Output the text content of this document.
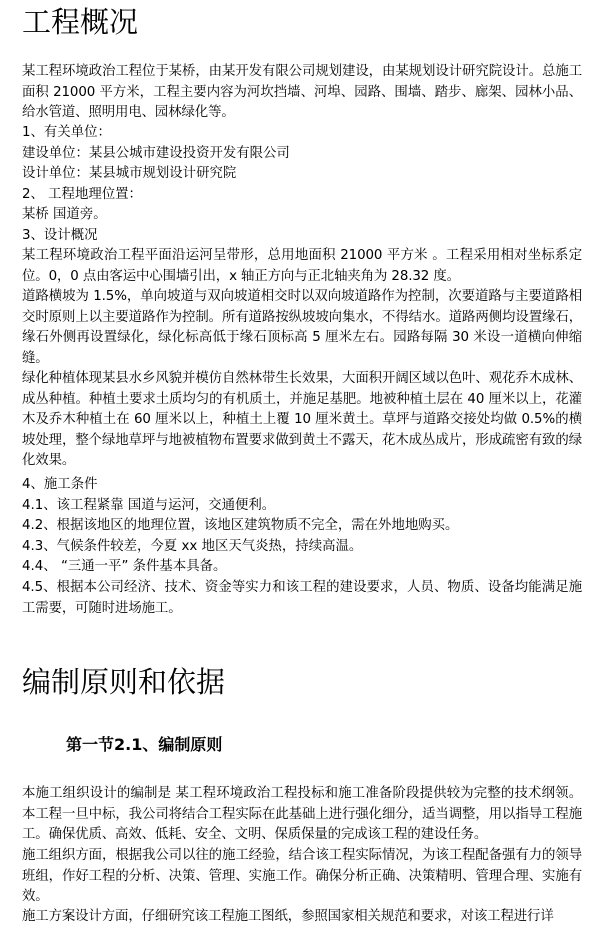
工程概况

某工程环境政治工程位于某桥，由某开发有限公司规划建设，由某规划设计研究院设计。总施工面积 21000 平方米，工程主要内容为河坎挡墙、河埠、园路、围墙、踏步、廊架、园林小品、给水管道、照明用电、园林绿化等。

1、有关单位：

建设单位：某县公城市建设投资开发有限公司

设计单位：某县城市规划设计研究院

2、 工程地理位置：

某桥 国道旁。

3、设计概况

某工程环境政治工程平面沿运河呈带形，总用地面积 21000 平方米 。工程采用相对坐标系定位。0，0 点由客运中心围墙引出，x 轴正方向与正北轴夹角为 28.32 度。

道路横坡为 1.5%，单向坡道与双向坡道相交时以双向坡道路作为控制，次要道路与主要道路相交时原则上以主要道路作为控制。所有道路按纵坡坡向集水，不得结水。道路两侧均设置缘石，缘石外侧再设置绿化，绿化标高低于缘石顶标高 5 厘米左右。园路每隔 30 米设一道横向伸缩缝。

绿化种植体现某县水乡风貌并模仿自然林带生长效果，大面积开阔区域以色叶、观花乔木成林、成丛种植。种植土要求土质均匀的有机质土，并施足基肥。地被种植土层在 40 厘米以上，花灌木及乔木种植土在 60 厘米以上，种植土上覆 10 厘米黄土。草坪与道路交接处均做 0.5%的横坡处理，整个绿地草坪与地被植物布置要求做到黄土不露天，花木成丛成片，形成疏密有致的绿化效果。

4、施工条件

4.1、该工程紧靠 国道与运河，交通便利。

4.2、根据该地区的地理位置，该地区建筑物质不完全，需在外地地购买。

4.3、气候条件较差，今夏 xx 地区天气炎热，持续高温。

4.4、 “三通一平” 条件基本具备。

4.5、根据本公司经济、技术、资金等实力和该工程的建设要求，人员、物质、设备均能满足施工需要，可随时进场施工。

编制原则和依据
第一节2.1、编制原则

本施工组织设计的编制是 某工程环境政治工程投标和施工准备阶段提供较为完整的技术纲领。本工程一旦中标，我公司将结合工程实际在此基础上进行强化细分，适当调整，用以指导工程施工。确保优质、高效、低耗、安全、文明、保质保量的完成该工程的建设任务。

施工组织方面，根据我公司以往的施工经验，结合该工程实际情况，为该工程配备强有力的领导班组，作好工程的分析、决策、管理、实施工作。确保分析正确、决策精明、管理合理、实施有效。

施工方案设计方面，仔细研究该工程施工图纸，参照国家相关规范和要求，对该工程进行详
